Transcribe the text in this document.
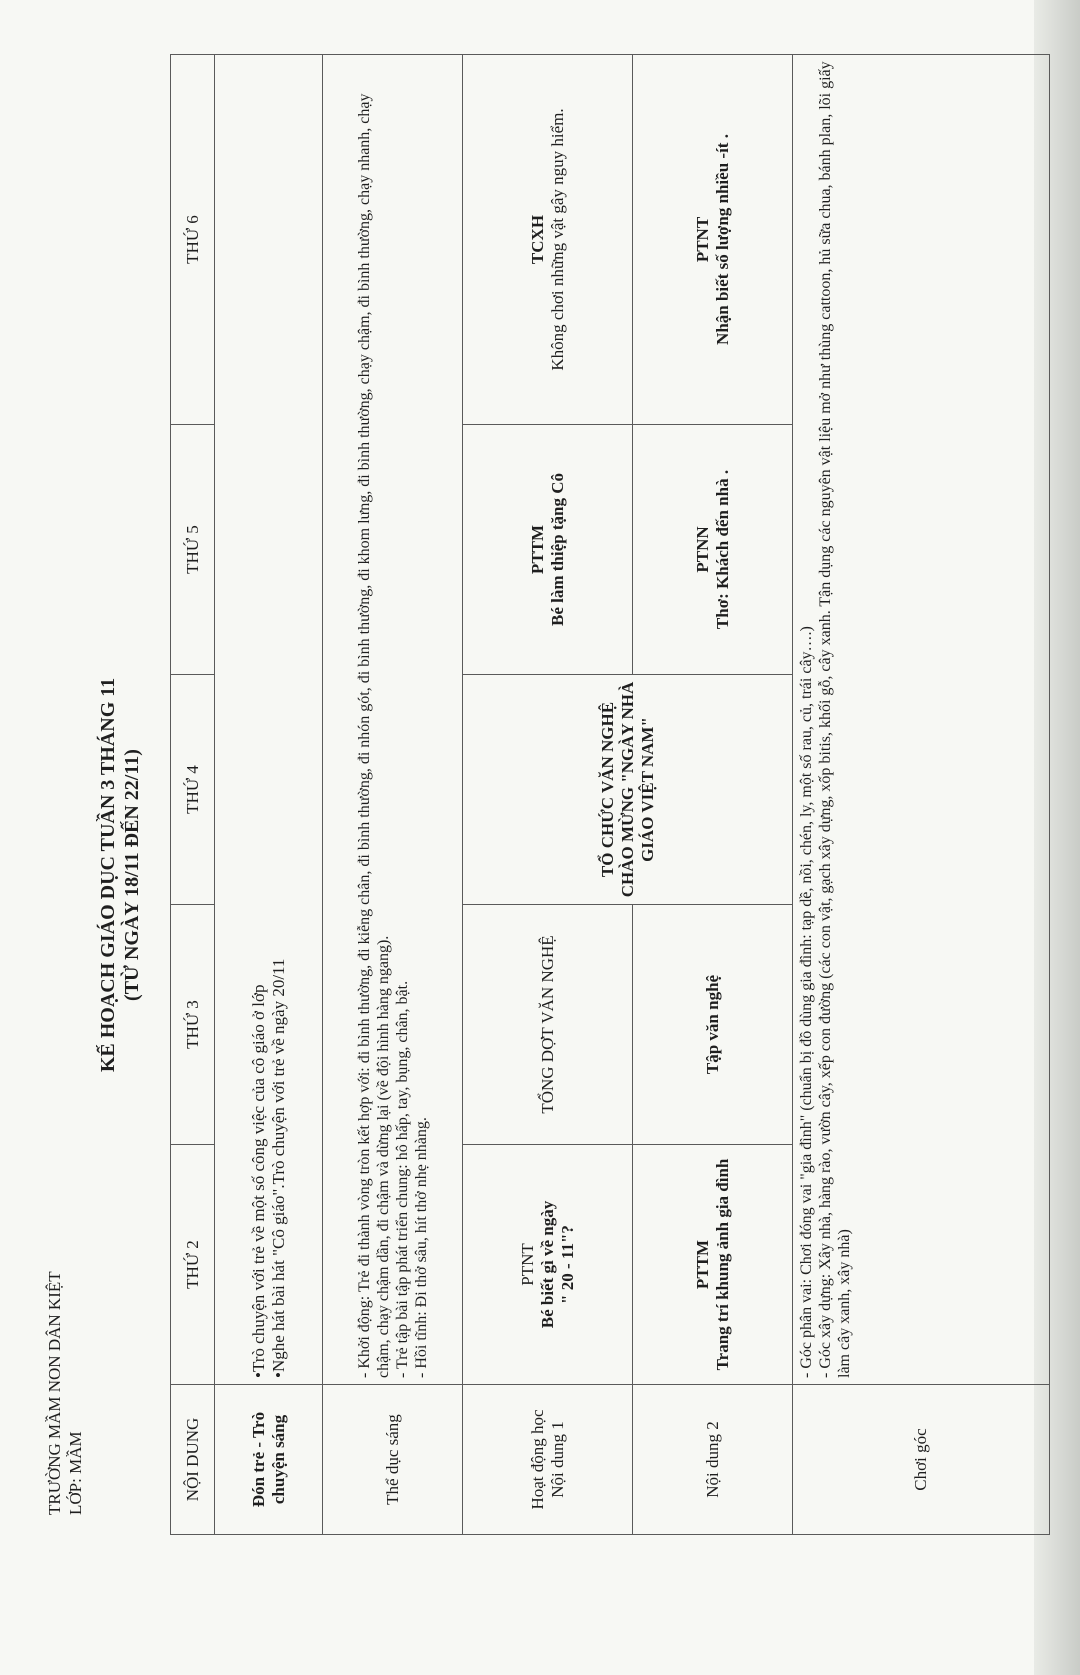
TRƯỜNG MẦM NON DÂN KIỆT LỚP: MẦM
KẾ HOẠCH GIÁO DỤC TUẦN 3 THÁNG 11 (TỪ NGÀY 18/11 ĐẾN 22/11)
NỘI DUNG	THỨ 2	THỨ 3	THỨ 4	THỨ 5	THỨ 6
Đón trẻ - Trò chuyện sáng	•Trò chuyện với trẻ về một số công việc của cô giáo ở lớp •Nghe hát bài hát "Cô giáo".Trò chuyện với trẻ về ngày 20/11				

Thể dục sáng	- Khởi động: Trẻ đi thành vòng tròn kết hợp với: đi bình thường, đi kiễng chân, đi bình thường, đi nhón gót, đi bình thường, đi khom lưng, đi bình thường, chạy chậm, đi bình thường, chạy nhanh, chạy chậm, chạy chậm dần, đi chậm và dừng lại (về đội hình hàng ngang). - Trẻ tập bài tập phát triển chung: hô hấp, tay, bụng, chân, bật. - Hồi tĩnh: Đi thở sâu, hít thở nhẹ nhàng.				

Hoạt động học Nội dung 1	PTNT Bé biết gì về ngày " 20 - 11"?	TỔNG DỢT VĂN NGHỆ	TỔ CHỨC VĂN NGHỆ CHÀO MỪNG "NGÀY NHÀ GIÁO VIỆT NAM"	PTTM Bé làm thiệp tặng Cô	TCXH Không chơi những vật gây nguy hiểm.

Nội dung 2	PTTM Trang trí khung ảnh gia đình	Tập văn nghệ		PTNN Thơ: Khách đến nhà .	PTNT Nhận biết số lượng nhiều -ít .

Chơi góc	- Góc phân vai: Chơi đóng vai "gia đình" (chuẩn bị đồ dùng gia đình: tạp dề, nồi, chén, ly, một số rau, củ, trái cây….) - Góc xây dựng: Xây nhà, hàng rào, vườn cây, xếp con đường (các con vật, gạch xây dựng, xốp bitis, khối gỗ, cây xanh. Tận dụng các nguyên vật liệu mở như thùng cattoon, hủ sữa chua, bánh plan, lõi giấy làm cây xanh, xây nhà)				
